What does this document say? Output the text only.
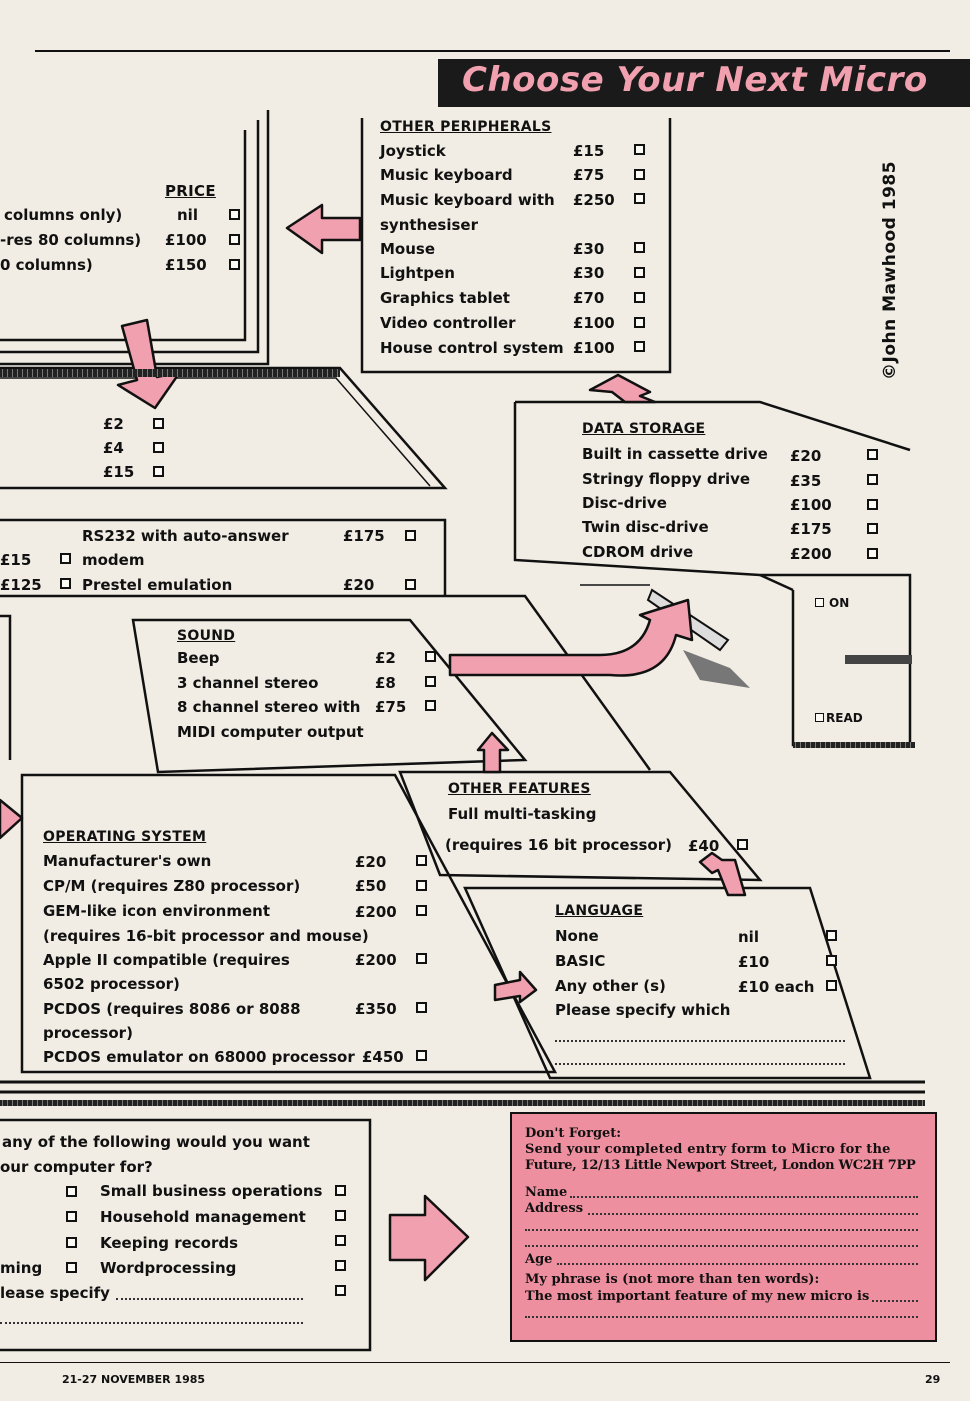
Choose Your Next Micro
©John Mawhood 1985
PRICE
columns only)	nil
-res 80 columns) £100
0 columns)	£150
OTHER PERIPHERALS
Joystick	£15
Music keyboard	£75
Music keyboard with £250
synthesiser
Mouse	£30
Lightpen	£30
Graphics tablet	£70
Video controller	£100
House control system £100
£2
£4
£15
RS232 with auto-answer	£175
£15	modem
£125	Prestel emulation	£20
DATA STORAGE
Built in cassette drive £20
Stringy floppy drive	£35
Disc-drive	£100
Twin disc-drive	£175
CDROM drive	£200
ON
READ
SOUND
Beep	£2
3 channel stereo	£8
8 channel stereo with £75
MIDI computer output
OTHER FEATURES
Full multi-tasking
(requires 16 bit processor) £40
OPERATING SYSTEM
Manufacturer's own	£20
CP/M (requires Z80 processor)	£50
GEM-like icon environment	£200
(requires 16-bit processor and mouse)
Apple II compatible (requires	£200
6502 processor)
PCDOS (requires 8086 or 8088	£350
processor)
PCDOS emulator on 68000 processor £450
LANGUAGE
None	nil
BASIC	£10
Any other (s)	£10 each
Please specify which
any of the following would you want
our computer for?
Small business operations
Household management
Keeping records
ming	Wordprocessing
lease specify
Don't Forget:
Send your completed entry form to Micro for the
Future, 12/13 Little Newport Street, London WC2H 7PP
Name
Address
Age
My phrase is (not more than ten words):
The most important feature of my new micro is
21-27 NOVEMBER 1985	29
